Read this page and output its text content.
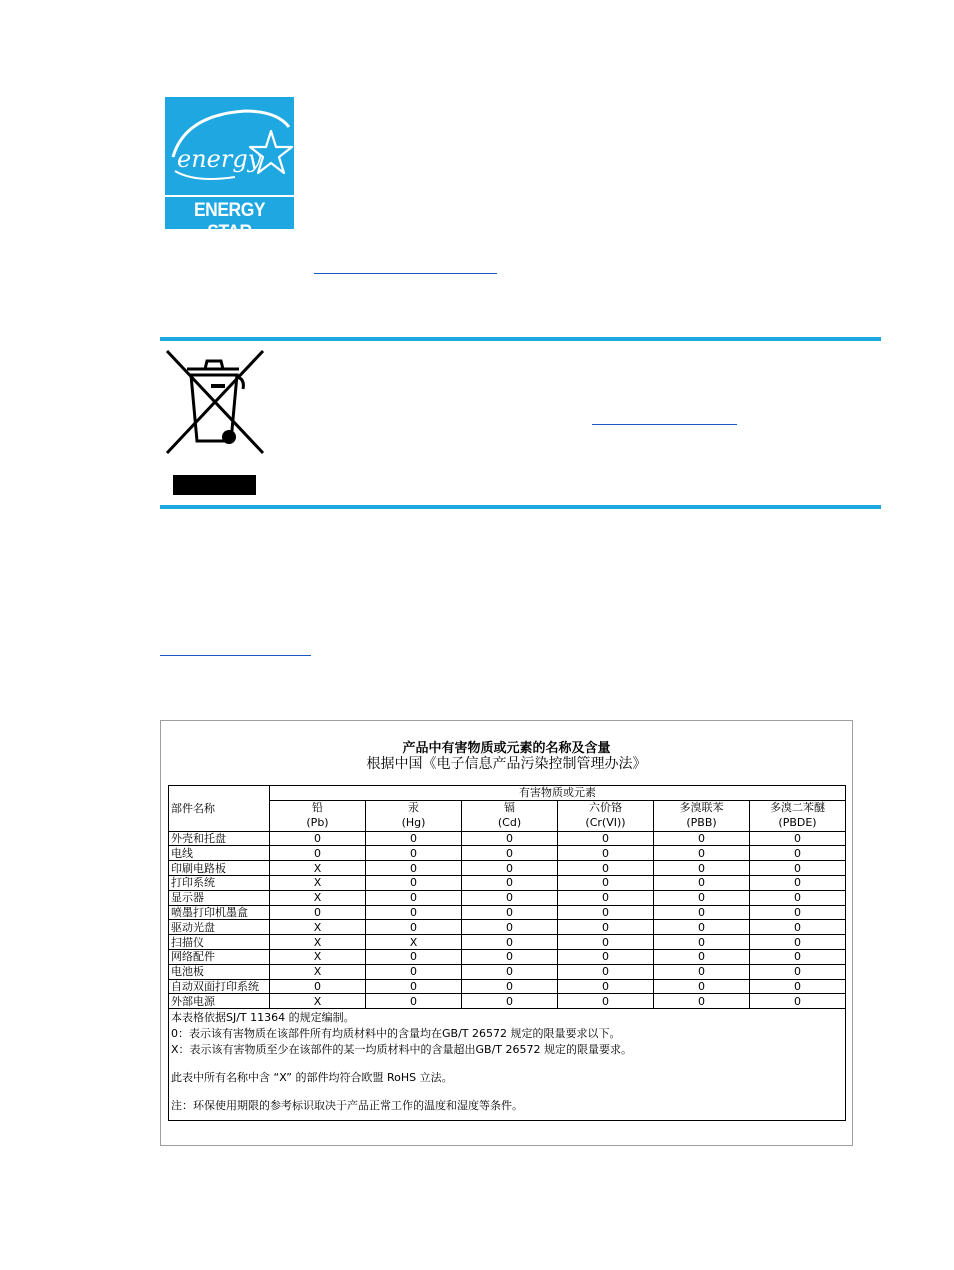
energy
ENERGY STAR
产品中有害物质或元素的名称及含量
根据中国《电子信息产品污染控制管理办法》
部件名称	有害物质或元素					
	铅	汞	镉	六价铬	多溴联苯	多溴二苯醚
	(Pb)	(Hg)	(Cd)	(Cr(VI))	(PBB)	(PBDE)
外壳和托盘	0	0	0	0	0	0
电线	0	0	0	0	0	0
印刷电路板	X	0	0	0	0	0
打印系统	X	0	0	0	0	0
显示器	X	0	0	0	0	0
喷墨打印机墨盒	0	0	0	0	0	0
驱动光盘	X	0	0	0	0	0
扫描仪	X	X	0	0	0	0
网络配件	X	0	0	0	0	0
电池板	X	0	0	0	0	0
自动双面打印系统	0	0	0	0	0	0
外部电源	X	0	0	0	0	0

本表格依据SJ/T 11364 的规定编制。

0：表示该有害物质在该部件所有均质材料中的含量均在GB/T 26572 规定的限量要求以下。

X：表示该有害物质至少在该部件的某一均质材料中的含量超出GB/T 26572 规定的限量要求。

此表中所有名称中含 “X” 的部件均符合欧盟 RoHS 立法。

注：环保使用期限的参考标识取决于产品正常工作的温度和湿度等条件。						
